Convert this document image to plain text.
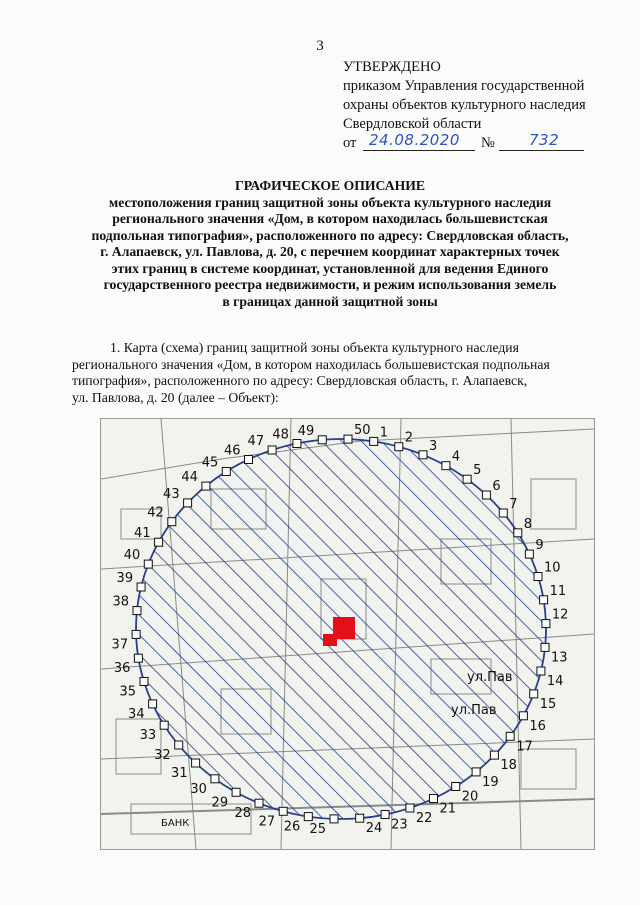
3
УТВЕРЖДЕНО
приказом Управления государственной
охраны объектов культурного наследия
Свердловской области
от 24.08.2020 № 732
ГРАФИЧЕСКОЕ ОПИСАНИЕ
местоположения границ защитной зоны объекта культурного наследия
регионального значения «Дом, в котором находилась большевистская
подпольная типография», расположенного по адресу: Свердловская область,
г. Алапаевск, ул. Павлова, д. 20, с перечнем координат характерных точек
этих границ в системе координат, установленной для ведения Единого
государственного реестра недвижимости, и режим использования земель
в границах данной защитной зоны
1. Карта (схема) границ защитной зоны объекта культурного наследия
регионального значения «Дом, в котором находилась большевистская подпольная
типография», расположенного по адресу: Свердловская область, г. Алапаевск,
ул. Павлова, д. 20 (далее – Объект):
ул.Пав
ул.Пав
БАНК
1 2
3
4
5
6
7
8
9
10
11
12
13
14
15
16
17
18
19
20
21
22
23
24
25
26
27
28
29
30
31
32
33
34
35
36
37
38
39
40
41
42
43
44
45
46
47 48 49	50
